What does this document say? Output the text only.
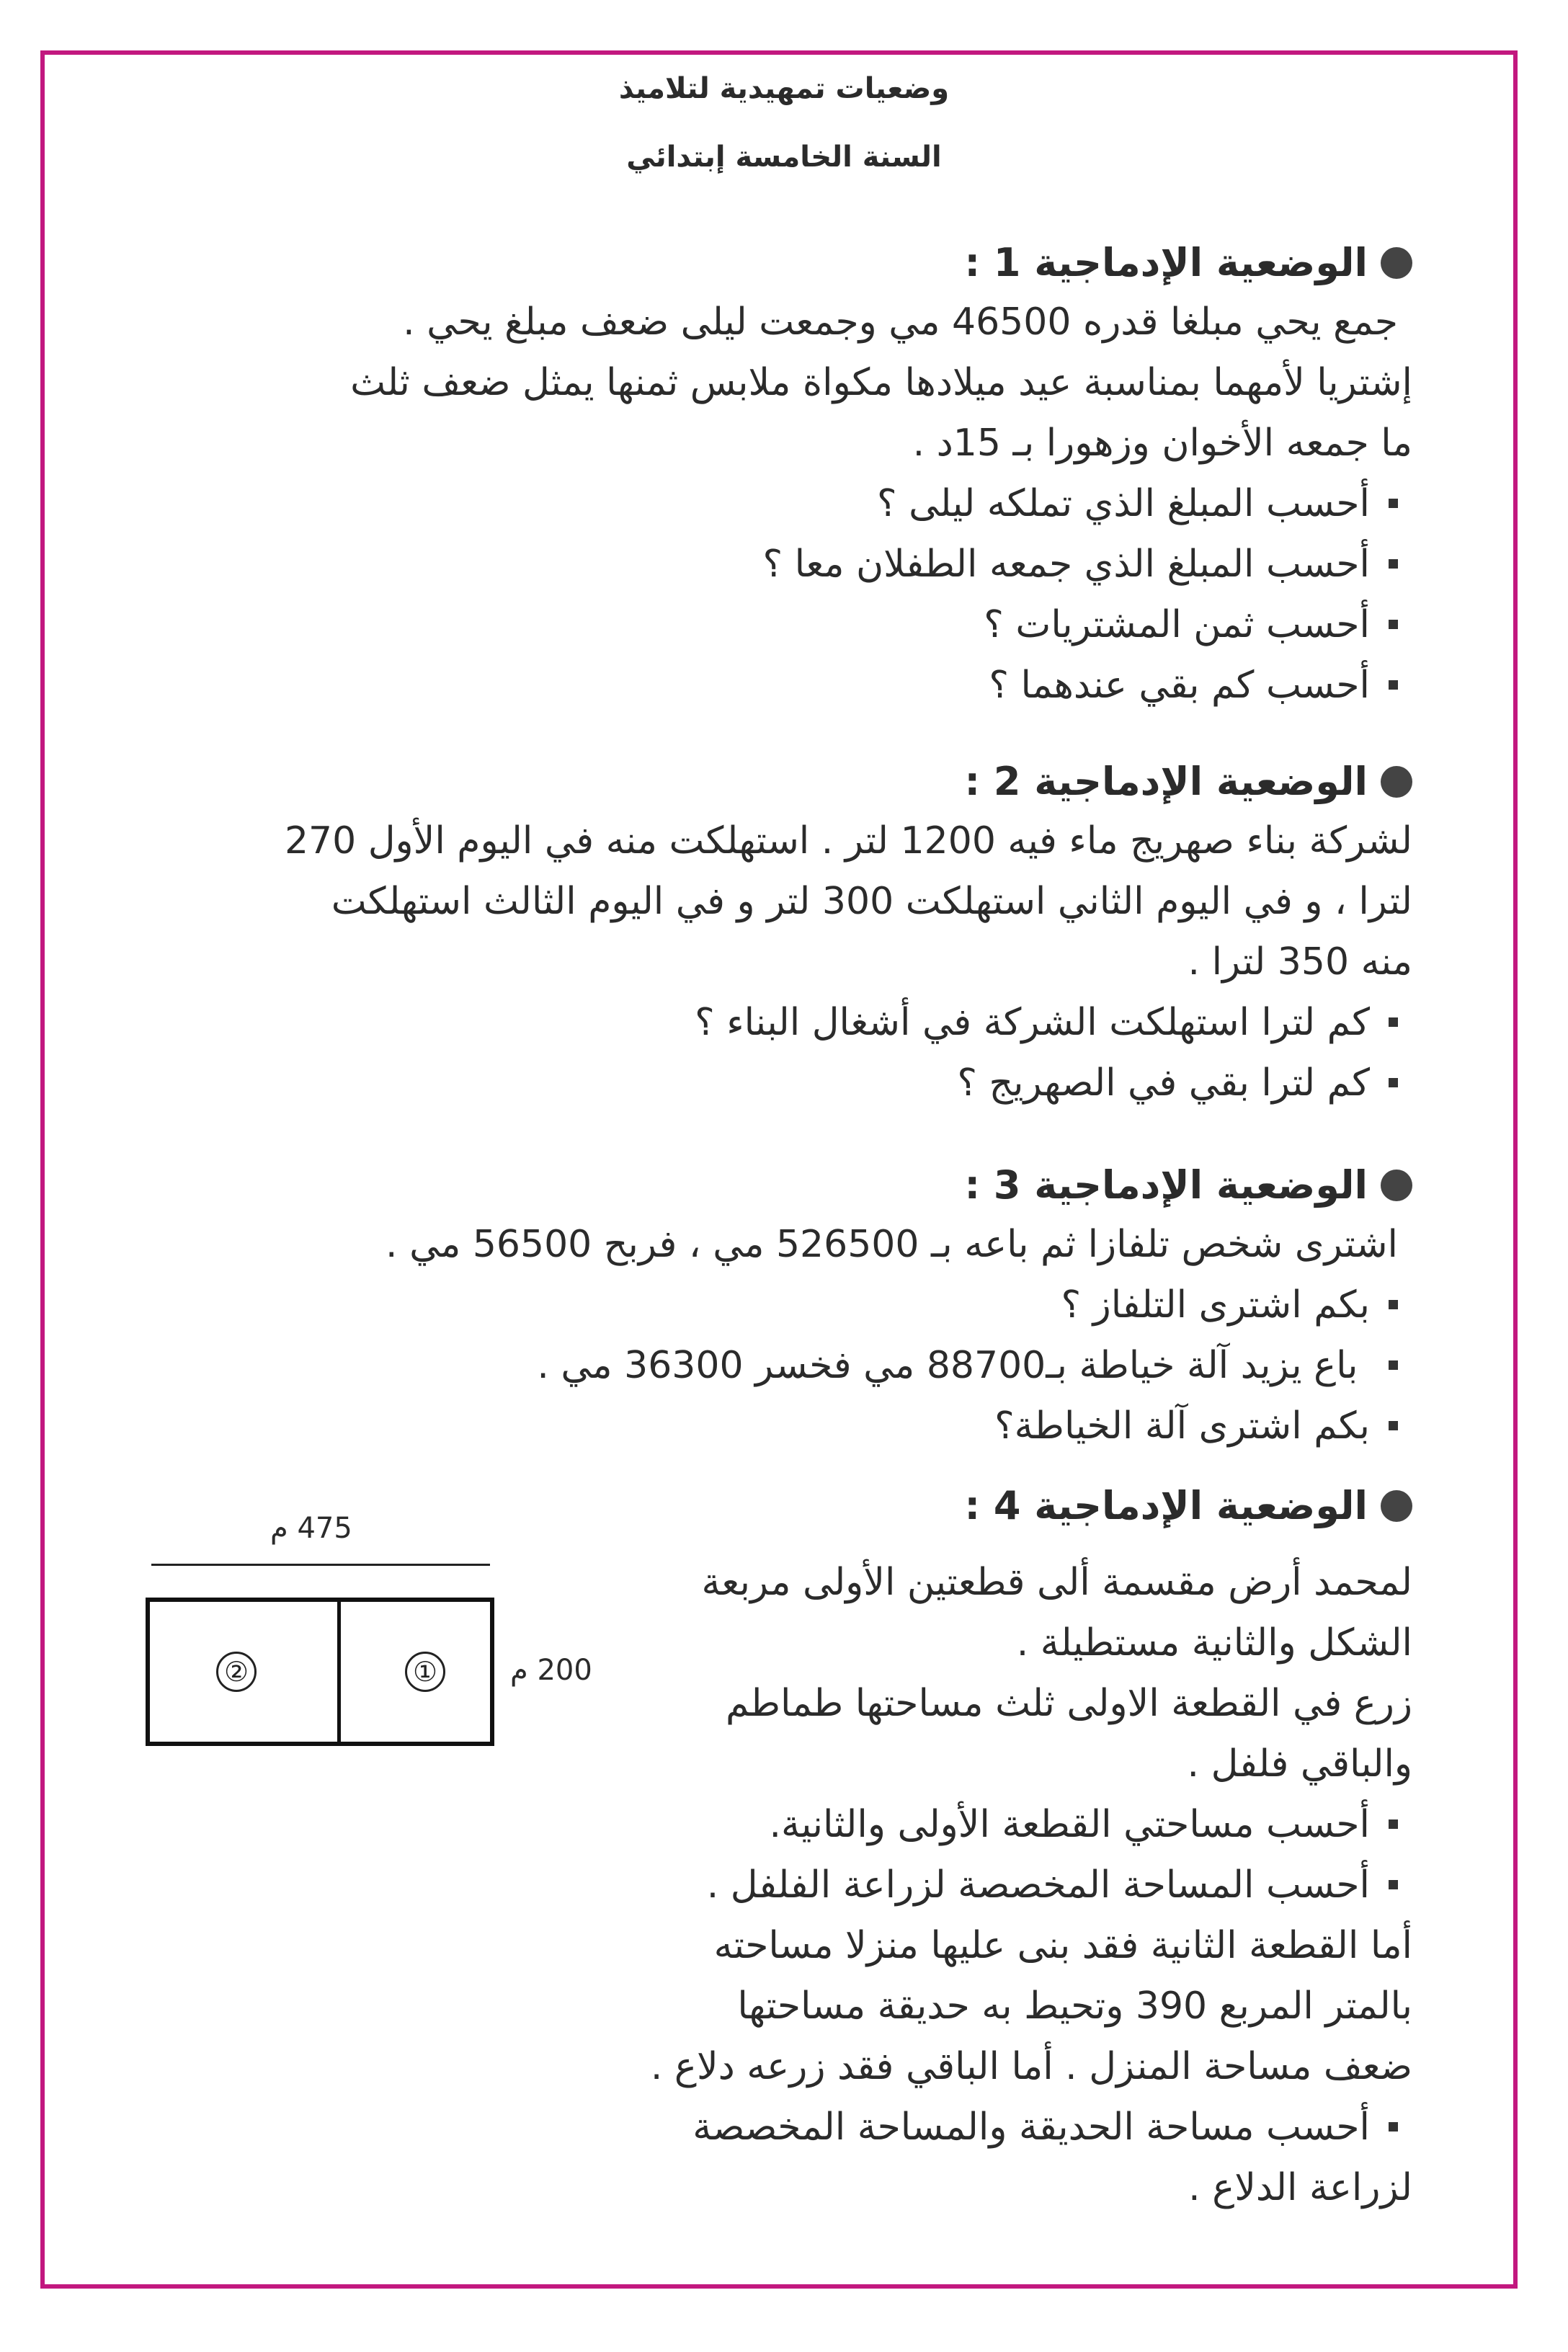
وضعيات تمهيدية لتلاميذ
السنة الخامسة إبتدائي
الوضعية الإدماجية 1 :
جمع يحي مبلغا قدره 46500 مي وجمعت ليلى ضعف مبلغ يحي .
إشتريا لأمهما بمناسبة عيد ميلادها مكواة ملابس ثمنها يمثل ضعف ثلث
ما جمعه الأخوان وزهورا بـ 15د .
أحسب المبلغ الذي تملكه ليلى ؟
أحسب المبلغ الذي جمعه الطفلان معا ؟
أحسب ثمن المشتريات ؟
أحسب كم بقي عندهما ؟
الوضعية الإدماجية 2 :
لشركة بناء صهريج ماء فيه 1200 لتر . استهلكت منه في اليوم الأول 270
لترا ، و في اليوم الثاني استهلكت 300 لتر و في اليوم الثالث استهلكت
منه 350 لترا .
كم لترا استهلكت الشركة في أشغال البناء ؟
كم لترا بقي في الصهريج ؟
الوضعية الإدماجية 3 :
اشترى شخص تلفازا ثم باعه بـ 526500 مي ، فربح 56500 مي .
بكم اشترى التلفاز ؟
باع يزيد آلة خياطة بـ88700 مي فخسر 36300 مي .
بكم اشترى آلة الخياطة؟
الوضعية الإدماجية 4 :
لمحمد أرض مقسمة ألى قطعتين الأولى مربعة
الشكل والثانية مستطيلة .
زرع في القطعة الاولى ثلث مساحتها طماطم
والباقي فلفل .
أحسب مساحتي القطعة الأولى والثانية.
أحسب المساحة المخصصة لزراعة الفلفل .
أما القطعة الثانية فقد بنى عليها منزلا مساحته
بالمتر المربع 390 وتحيط به حديقة مساحتها
ضعف مساحة المنزل . أما الباقي فقد زرعه دلاع .
أحسب مساحة الحديقة والمساحة المخصصة
لزراعة الدلاع .
475 م
②	①	200 م
